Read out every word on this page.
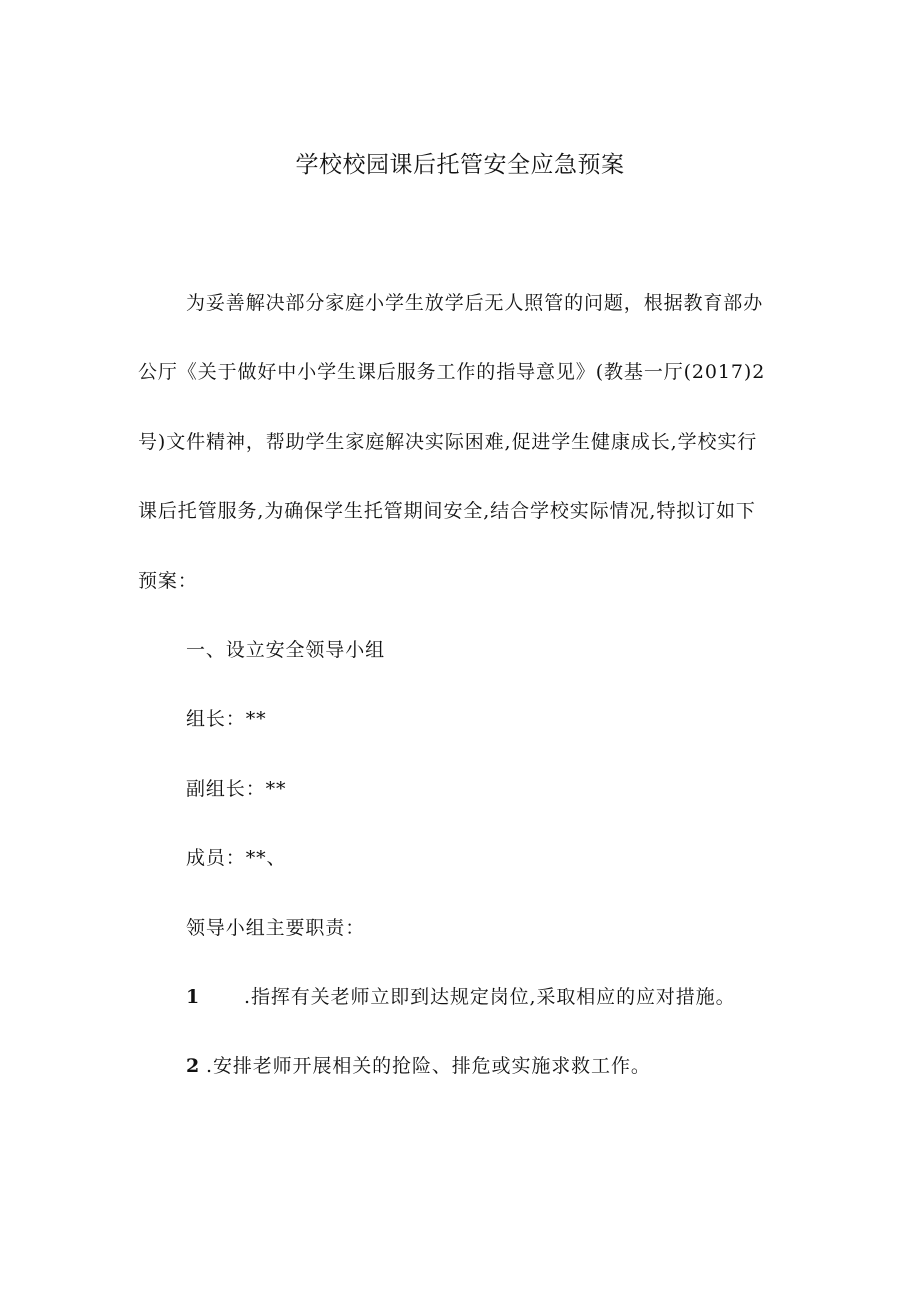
学校校园课后托管安全应急预案
为妥善解决部分家庭小学生放学后无人照管的问题，根据教育部办
公厅《关于做好中小学生课后服务工作的指导意见》(教基一厅(2017)2
号)文件精神，帮助学生家庭解决实际困难,促进学生健康成长,学校实行
课后托管服务,为确保学生托管期间安全,结合学校实际情况,特拟订如下
预案：
一、设立安全领导小组
组长：**
副组长：**
成员：**、
领导小组主要职责：
1 .指挥有关老师立即到达规定岗位,采取相应的应对措施。
2 .安排老师开展相关的抢险、排危或实施求救工作。
